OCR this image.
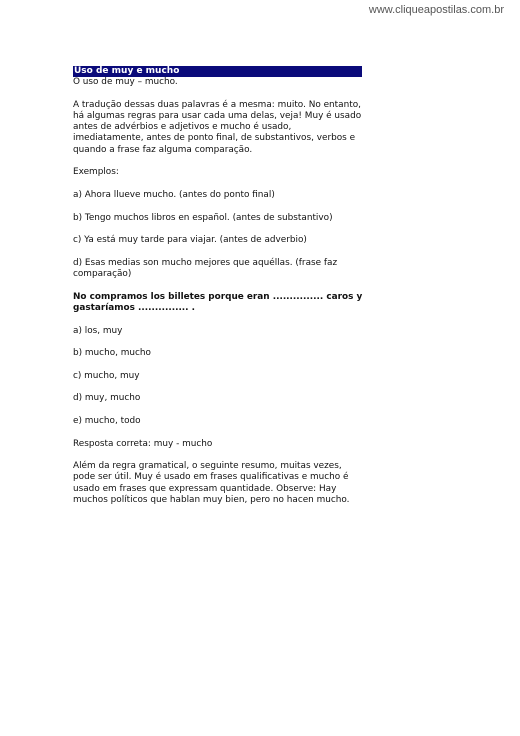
www.cliqueapostilas.com.br

Uso de muy e mucho

O uso de muy – mucho.

A tradução dessas duas palavras é a mesma: muito. No entanto, há algumas regras para usar cada uma delas, veja! Muy é usado antes de advérbios e adjetivos e mucho é usado, imediatamente, antes de ponto final, de substantivos, verbos e quando a frase faz alguma comparação.

Exemplos:

a) Ahora llueve mucho. (antes do ponto final)

b) Tengo muchos libros en español. (antes de substantivo)

c) Ya está muy tarde para viajar. (antes de adverbio)

d) Esas medias son mucho mejores que aquéllas. (frase faz comparação)

No compramos los billetes porque eran ............... caros y gastaríamos ............... .

a) los, muy

b) mucho, mucho

c) mucho, muy

d) muy, mucho

e) mucho, todo

Resposta correta: muy - mucho

Além da regra gramatical, o seguinte resumo, muitas vezes, pode ser útil. Muy é usado em frases qualificativas e mucho é usado em frases que expressam quantidade. Observe: Hay muchos políticos que hablan muy bien, pero no hacen mucho.
